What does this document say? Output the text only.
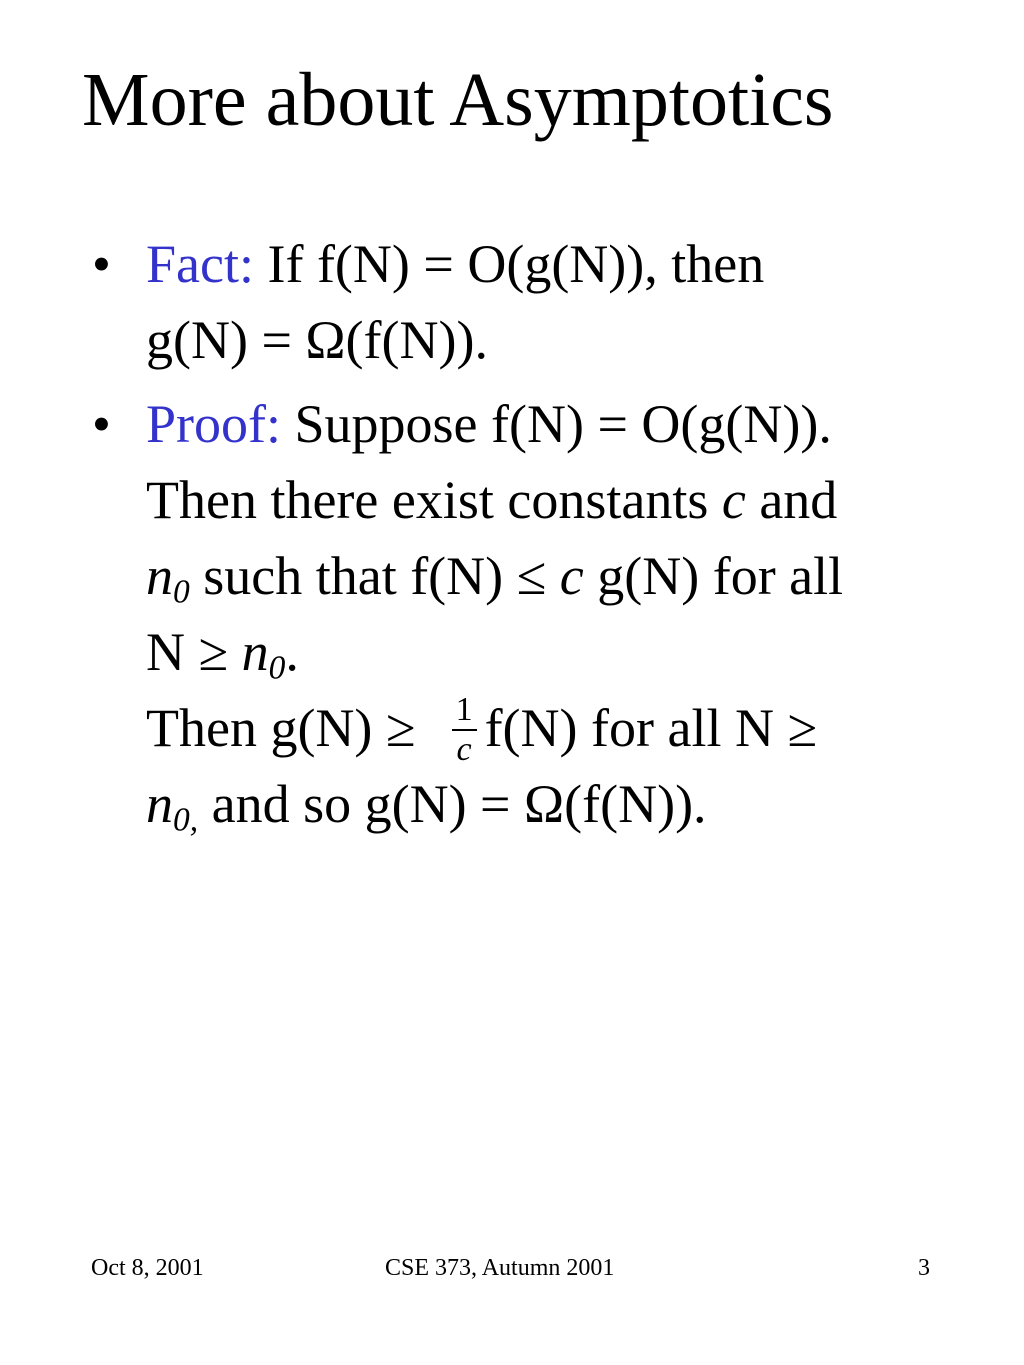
More about Asymptotics
• Fact: If f(N) = O(g(N)), then
g(N) = Ω(f(N)).
• Proof: Suppose f(N) = O(g(N)).
Then there exist constants c and
$n_0$ such that f(N) ≤ c g(N) for all
$N \ge n_0$.
Then $g(N) \ge \frac{1}{c} f(N)$ for all N ≥
$n_{0,}$ and so g(N) = Ω(f(N)).
Oct 8, 2001	CSE 373, Autumn 2001	3
